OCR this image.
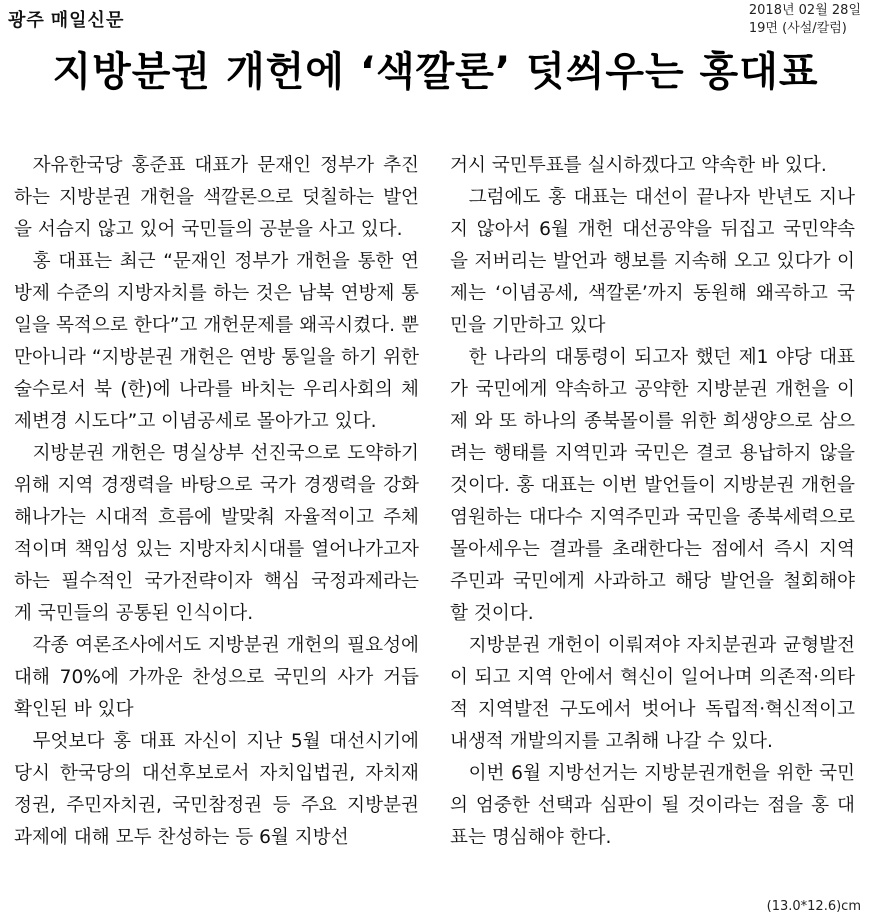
광주 매일신문	2018년 02월 28일
19면 (사설/칼럼)
지방분권 개헌에 ‘색깔론’ 덧씌우는 홍대표

자유한국당 홍준표 대표가 문재인 정부가 추진하는 지방분권 개헌을 색깔론으로 덧칠하는 발언을 서슴지 않고 있어 국민들의 공분을 사고 있다.

홍 대표는 최근 “문재인 정부가 개헌을 통한 연방제 수준의 지방자치를 하는 것은 남북 연방제 통일을 목적으로 한다”고 개헌문제를 왜곡시켰다. 뿐만아니라 “지방분권 개헌은 연방 통일을 하기 위한 술수로서 북 (한)에 나라를 바치는 우리사회의 체제변경 시도다”고 이념공세로 몰아가고 있다.

지방분권 개헌은 명실상부 선진국으로 도약하기 위해 지역 경쟁력을 바탕으로 국가 경쟁력을 강화해나가는 시대적 흐름에 발맞춰 자율적이고 주체적이며 책임성 있는 지방자치시대를 열어나가고자 하는 필수적인 국가전략이자 핵심 국정과제라는 게 국민들의 공통된 인식이다.

각종 여론조사에서도 지방분권 개헌의 필요성에 대해 70%에 가까운 찬성으로 국민의 사가 거듭 확인된 바 있다

무엇보다 홍 대표 자신이 지난 5월 대선시기에 당시 한국당의 대선후보로서 자치입법권, 자치재정권, 주민자치권, 국민참정권 등 주요 지방분권 과제에 대해 모두 찬성하는 등 6월 지방선

거시 국민투표를 실시하겠다고 약속한 바 있다.

그럼에도 홍 대표는 대선이 끝나자 반년도 지나지 않아서 6월 개헌 대선공약을 뒤집고 국민약속을 저버리는 발언과 행보를 지속해 오고 있다가 이제는 ‘이념공세, 색깔론’까지 동원해 왜곡하고 국민을 기만하고 있다

한 나라의 대통령이 되고자 했던 제1 야당 대표가 국민에게 약속하고 공약한 지방분권 개헌을 이제 와 또 하나의 종북몰이를 위한 희생양으로 삼으려는 행태를 지역민과 국민은 결코 용납하지 않을 것이다. 홍 대표는 이번 발언들이 지방분권 개헌을 염원하는 대다수 지역주민과 국민을 종북세력으로 몰아세우는 결과를 초래한다는 점에서 즉시 지역주민과 국민에게 사과하고 해당 발언을 철회해야 할 것이다.

지방분권 개헌이 이뤄져야 자치분권과 균형발전이 되고 지역 안에서 혁신이 일어나며 의존적·의타적 지역발전 구도에서 벗어나 독립적·혁신적이고 내생적 개발의지를 고취해 나갈 수 있다.

이번 6월 지방선거는 지방분권개헌을 위한 국민의 엄중한 선택과 심판이 될 것이라는 점을 홍 대표는 명심해야 한다.

(13.0*12.6)cm
